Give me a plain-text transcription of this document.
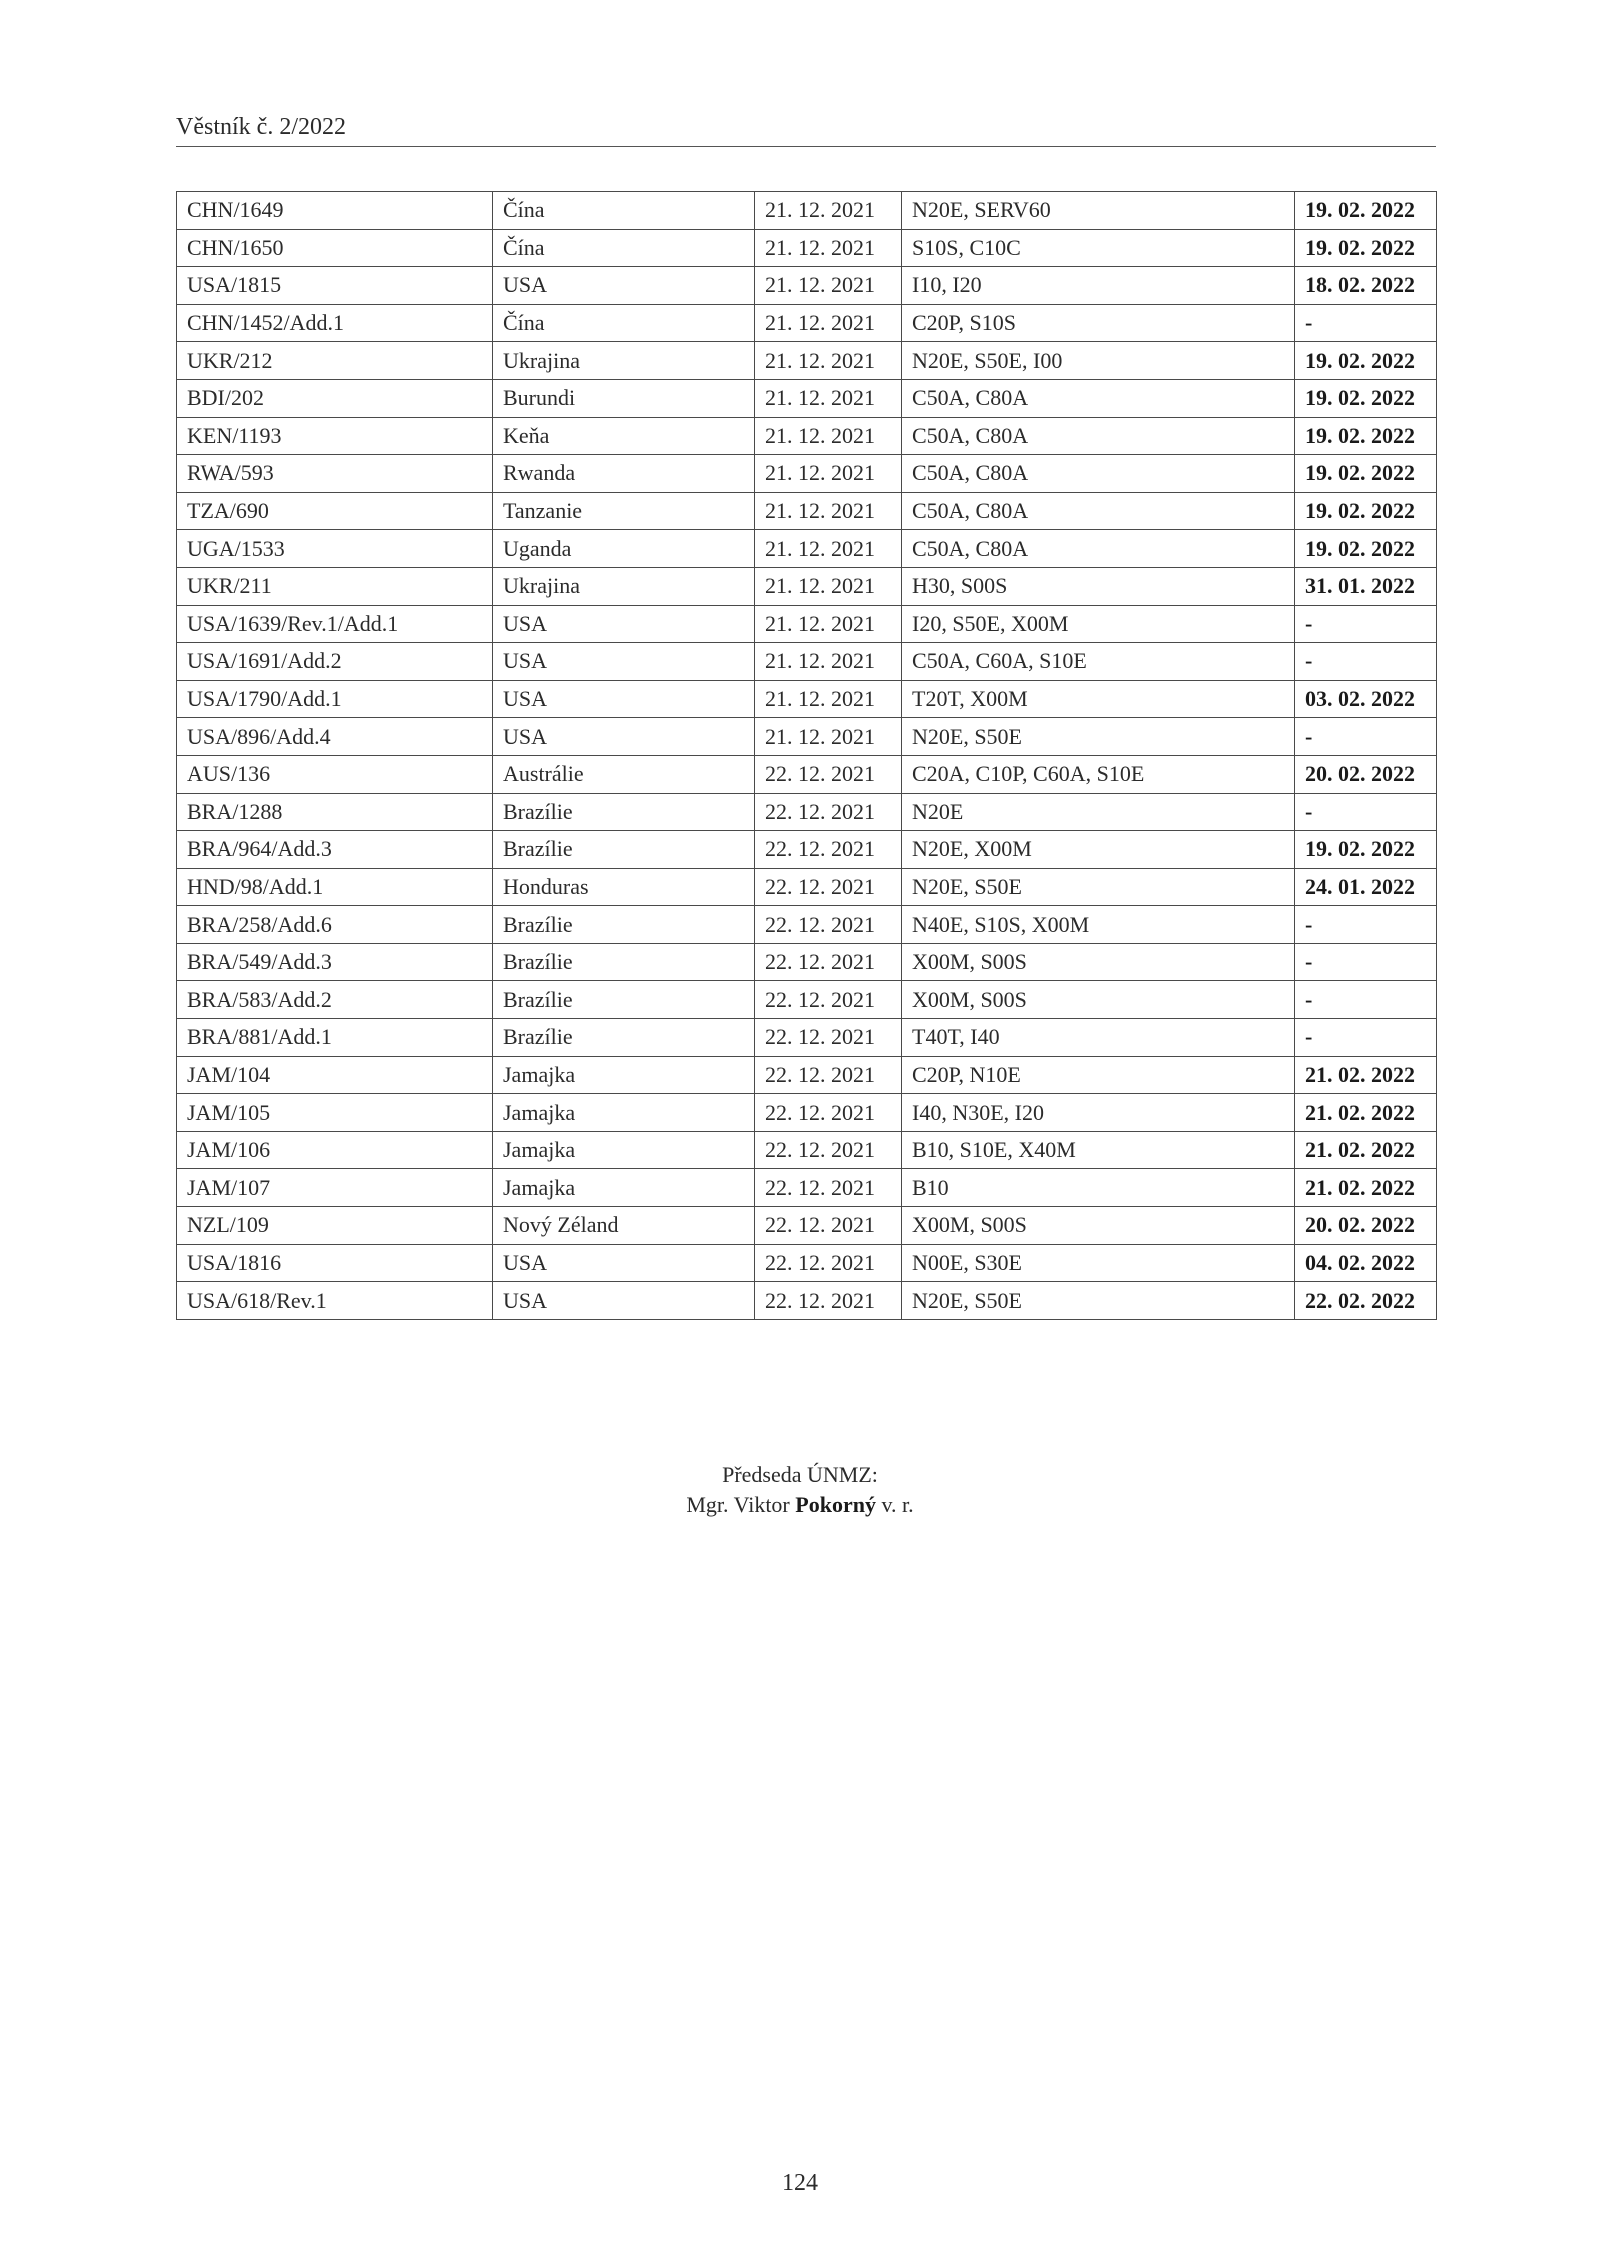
Věstník č. 2/2022
CHN/1649	Čína	21. 12. 2021	N20E, SERV60	19. 02. 2022
CHN/1650	Čína	21. 12. 2021	S10S, C10C	19. 02. 2022
USA/1815	USA	21. 12. 2021	I10, I20	18. 02. 2022
CHN/1452/Add.1	Čína	21. 12. 2021	C20P, S10S	-
UKR/212	Ukrajina	21. 12. 2021	N20E, S50E, I00	19. 02. 2022
BDI/202	Burundi	21. 12. 2021	C50A, C80A	19. 02. 2022
KEN/1193	Keňa	21. 12. 2021	C50A, C80A	19. 02. 2022
RWA/593	Rwanda	21. 12. 2021	C50A, C80A	19. 02. 2022
TZA/690	Tanzanie	21. 12. 2021	C50A, C80A	19. 02. 2022
UGA/1533	Uganda	21. 12. 2021	C50A, C80A	19. 02. 2022
UKR/211	Ukrajina	21. 12. 2021	H30, S00S	31. 01. 2022
USA/1639/Rev.1/Add.1	USA	21. 12. 2021	I20, S50E, X00M	-
USA/1691/Add.2	USA	21. 12. 2021	C50A, C60A, S10E	-
USA/1790/Add.1	USA	21. 12. 2021	T20T, X00M	03. 02. 2022
USA/896/Add.4	USA	21. 12. 2021	N20E, S50E	-
AUS/136	Austrálie	22. 12. 2021	C20A, C10P, C60A, S10E	20. 02. 2022
BRA/1288	Brazílie	22. 12. 2021	N20E	-
BRA/964/Add.3	Brazílie	22. 12. 2021	N20E, X00M	19. 02. 2022
HND/98/Add.1	Honduras	22. 12. 2021	N20E, S50E	24. 01. 2022
BRA/258/Add.6	Brazílie	22. 12. 2021	N40E, S10S, X00M	-
BRA/549/Add.3	Brazílie	22. 12. 2021	X00M, S00S	-
BRA/583/Add.2	Brazílie	22. 12. 2021	X00M, S00S	-
BRA/881/Add.1	Brazílie	22. 12. 2021	T40T, I40	-
JAM/104	Jamajka	22. 12. 2021	C20P, N10E	21. 02. 2022
JAM/105	Jamajka	22. 12. 2021	I40, N30E, I20	21. 02. 2022
JAM/106	Jamajka	22. 12. 2021	B10, S10E, X40M	21. 02. 2022
JAM/107	Jamajka	22. 12. 2021	B10	21. 02. 2022
NZL/109	Nový Zéland	22. 12. 2021	X00M, S00S	20. 02. 2022
USA/1816	USA	22. 12. 2021	N00E, S30E	04. 02. 2022
USA/618/Rev.1	USA	22. 12. 2021	N20E, S50E	22. 02. 2022
Předseda ÚNMZ:
Mgr. Viktor Pokorný v. r.
124
